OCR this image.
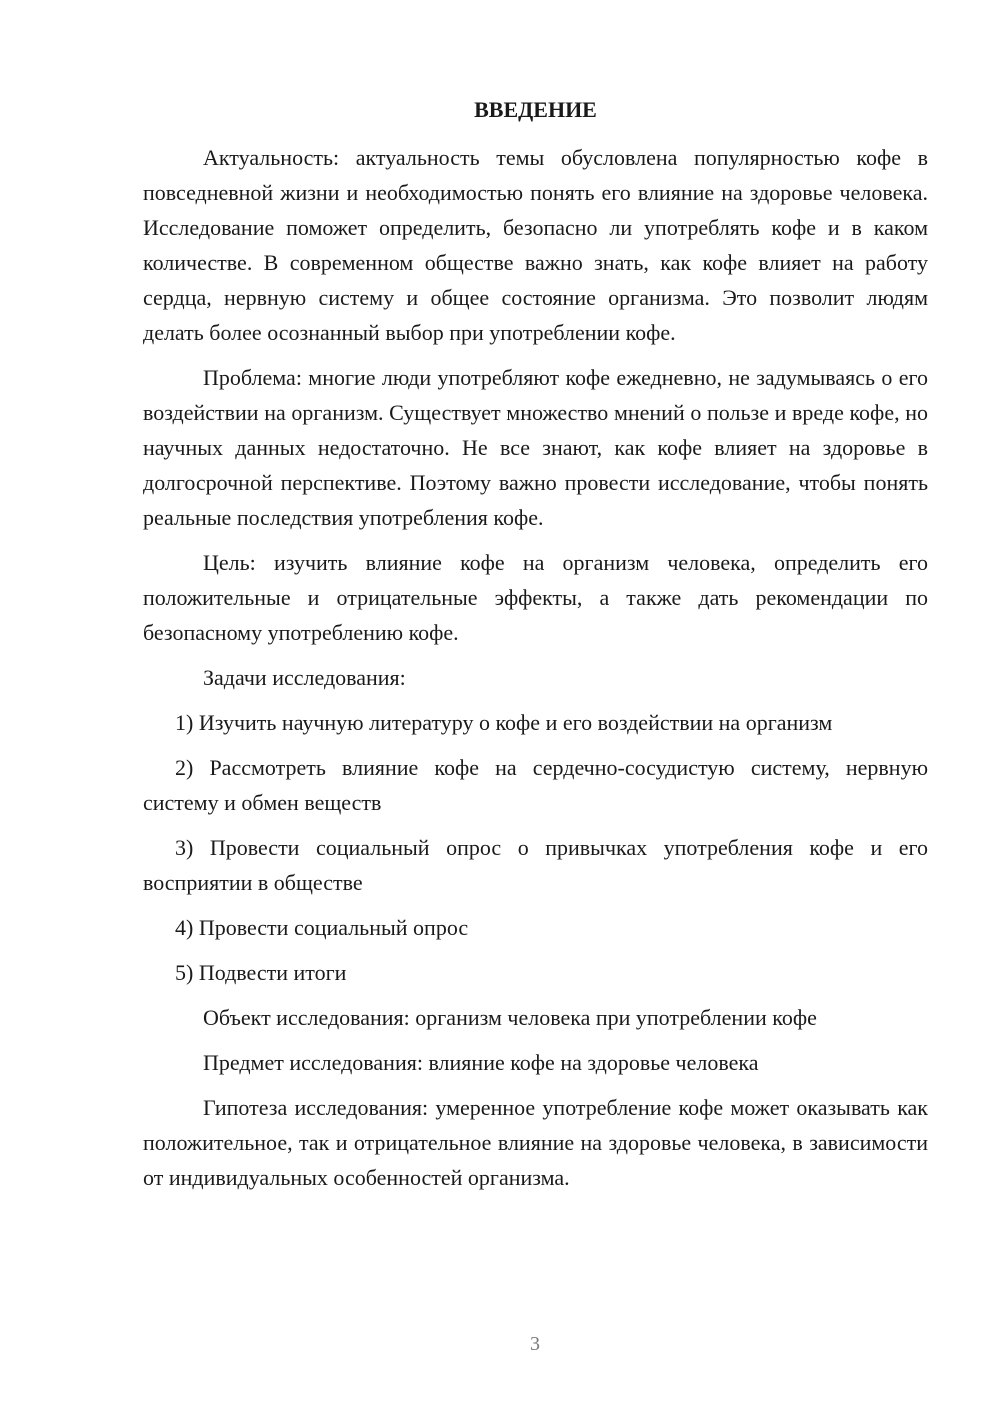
ВВЕДЕНИЕ

Актуальность: актуальность темы обусловлена популярностью кофе в повседневной жизни и необходимостью понять его влияние на здоровье человека. Исследование поможет определить, безопасно ли употреблять кофе и в каком количестве. В современном обществе важно знать, как кофе влияет на работу сердца, нервную систему и общее состояние организма. Это позволит людям делать более осознанный выбор при употреблении кофе.

Проблема: многие люди употребляют кофе ежедневно, не задумываясь о его воздействии на организм. Существует множество мнений о пользе и вреде кофе, но научных данных недостаточно. Не все знают, как кофе влияет на здоровье в долгосрочной перспективе. Поэтому важно провести исследование, чтобы понять реальные последствия употребления кофе.

Цель: изучить влияние кофе на организм человека, определить его положительные и отрицательные эффекты, а также дать рекомендации по безопасному употреблению кофе.

Задачи исследования:

1) Изучить научную литературу о кофе и его воздействии на организм

2) Рассмотреть влияние кофе на сердечно-сосудистую систему, нервную систему и обмен веществ

3) Провести социальный опрос о привычках употребления кофе и его восприятии в обществе

4) Провести социальный опрос

5) Подвести итоги

Объект исследования: организм человека при употреблении кофе

Предмет исследования: влияние кофе на здоровье человека

Гипотеза исследования: умеренное употребление кофе может оказывать как положительное, так и отрицательное влияние на здоровье человека, в зависимости от индивидуальных особенностей организма.

3
